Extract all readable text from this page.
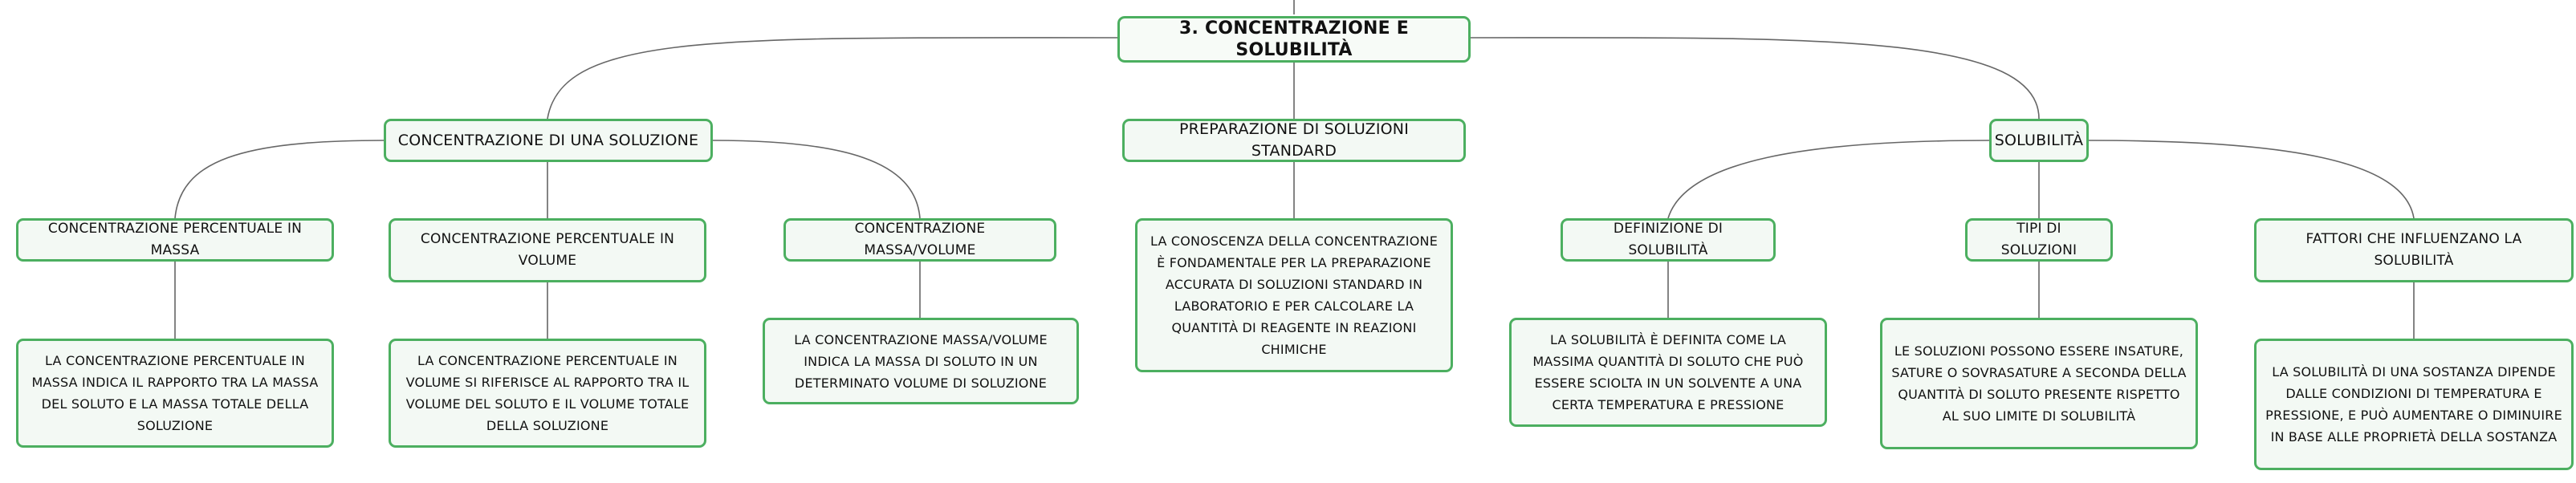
3. CONCENTRAZIONE E SOLUBILITÀ
CONCENTRAZIONE DI UNA SOLUZIONE
PREPARAZIONE DI SOLUZIONI STANDARD
SOLUBILITÀ
CONCENTRAZIONE PERCENTUALE IN MASSA
CONCENTRAZIONE PERCENTUALE IN VOLUME
CONCENTRAZIONE MASSA/VOLUME
DEFINIZIONE DI SOLUBILITÀ
TIPI DI SOLUZIONI
FATTORI CHE INFLUENZANO LA SOLUBILITÀ
LA CONCENTRAZIONE PERCENTUALE IN MASSA INDICA IL RAPPORTO TRA LA MASSA DEL SOLUTO E LA MASSA TOTALE DELLA SOLUZIONE
LA CONCENTRAZIONE PERCENTUALE IN VOLUME SI RIFERISCE AL RAPPORTO TRA IL VOLUME DEL SOLUTO E IL VOLUME TOTALE DELLA SOLUZIONE
LA CONCENTRAZIONE MASSA/VOLUME INDICA LA MASSA DI SOLUTO IN UN DETERMINATO VOLUME DI SOLUZIONE
LA CONOSCENZA DELLA CONCENTRAZIONE È FONDAMENTALE PER LA PREPARAZIONE ACCURATA DI SOLUZIONI STANDARD IN LABORATORIO E PER CALCOLARE LA QUANTITÀ DI REAGENTE IN REAZIONI CHIMICHE
LA SOLUBILITÀ È DEFINITA COME LA MASSIMA QUANTITÀ DI SOLUTO CHE PUÒ ESSERE SCIOLTA IN UN SOLVENTE A UNA CERTA TEMPERATURA E PRESSIONE
LE SOLUZIONI POSSONO ESSERE INSATURE, SATURE O SOVRASATURE A SECONDA DELLA QUANTITÀ DI SOLUTO PRESENTE RISPETTO AL SUO LIMITE DI SOLUBILITÀ
LA SOLUBILITÀ DI UNA SOSTANZA DIPENDE DALLE CONDIZIONI DI TEMPERATURA E PRESSIONE, E PUÒ AUMENTARE O DIMINUIRE IN BASE ALLE PROPRIETÀ DELLA SOSTANZA
